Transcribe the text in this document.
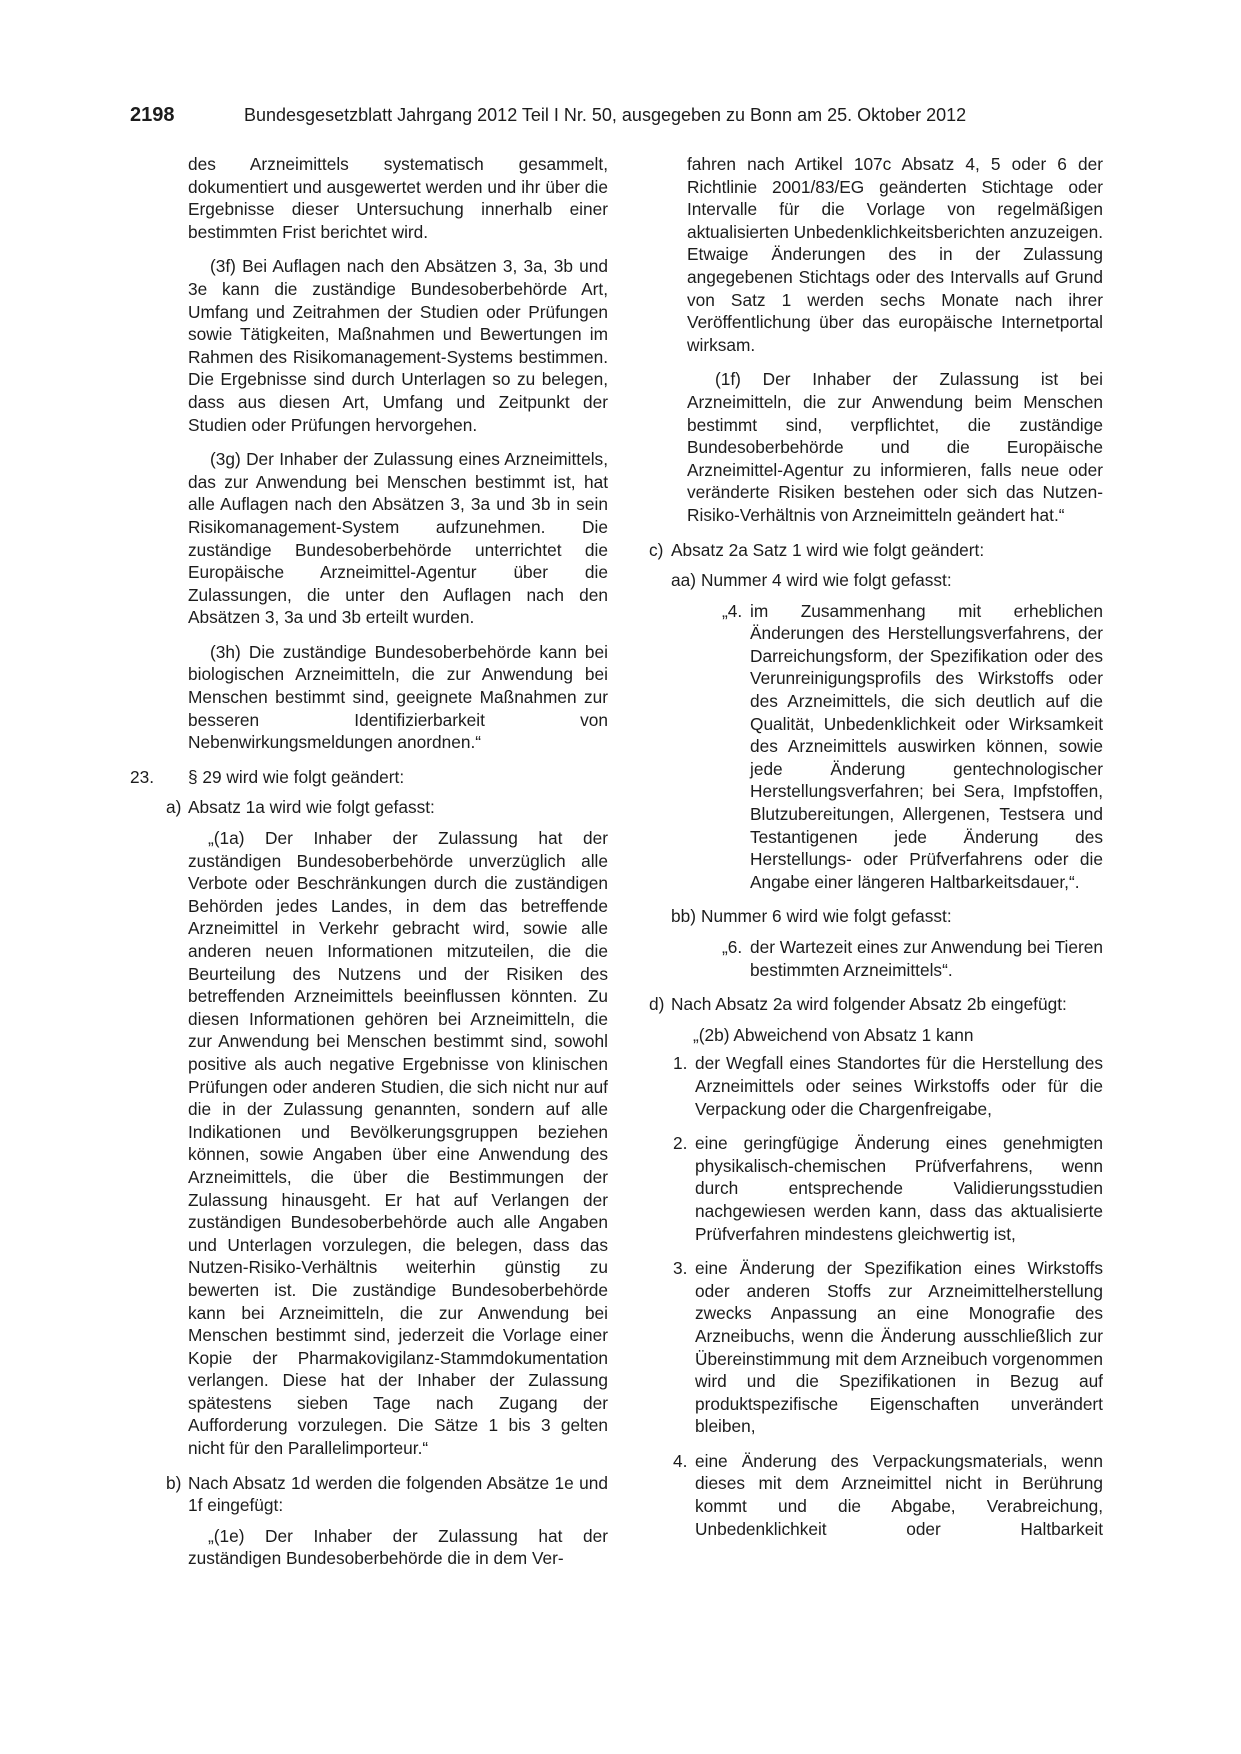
2198	Bundesgesetzblatt Jahrgang 2012 Teil I Nr. 50, ausgegeben zu Bonn am 25. Oktober 2012

des Arzneimittels systematisch gesammelt, dokumentiert und ausgewertet werden und ihr über die Ergebnisse dieser Untersuchung innerhalb einer bestimmten Frist berichtet wird.

(3f) Bei Auflagen nach den Absätzen 3, 3a, 3b und 3e kann die zuständige Bundesoberbehörde Art, Umfang und Zeitrahmen der Studien oder Prüfungen sowie Tätigkeiten, Maßnahmen und Bewertungen im Rahmen des Risikomanagement-Systems bestimmen. Die Ergebnisse sind durch Unterlagen so zu belegen, dass aus diesen Art, Umfang und Zeitpunkt der Studien oder Prüfungen hervorgehen.

(3g) Der Inhaber der Zulassung eines Arzneimittels, das zur Anwendung bei Menschen bestimmt ist, hat alle Auflagen nach den Absätzen 3, 3a und 3b in sein Risikomanagement-System aufzunehmen. Die zuständige Bundesoberbehörde unterrichtet die Europäische Arzneimittel-Agentur über die Zulassungen, die unter den Auflagen nach den Absätzen 3, 3a und 3b erteilt wurden.

(3h) Die zuständige Bundesoberbehörde kann bei biologischen Arzneimitteln, die zur Anwendung bei Menschen bestimmt sind, geeignete Maßnahmen zur besseren Identifizierbarkeit von Nebenwirkungsmeldungen anordnen.“

23. § 29 wird wie folgt geändert:
a) Absatz 1a wird wie folgt gefasst:

„(1a) Der Inhaber der Zulassung hat der zuständigen Bundesoberbehörde unverzüglich alle Verbote oder Beschränkungen durch die zuständigen Behörden jedes Landes, in dem das betreffende Arzneimittel in Verkehr gebracht wird, sowie alle anderen neuen Informationen mitzuteilen, die die Beurteilung des Nutzens und der Risiken des betreffenden Arzneimittels beeinflussen könnten. Zu diesen Informationen gehören bei Arzneimitteln, die zur Anwendung bei Menschen bestimmt sind, sowohl positive als auch negative Ergebnisse von klinischen Prüfungen oder anderen Studien, die sich nicht nur auf die in der Zulassung genannten, sondern auf alle Indikationen und Bevölkerungsgruppen beziehen können, sowie Angaben über eine Anwendung des Arzneimittels, die über die Bestimmungen der Zulassung hinausgeht. Er hat auf Verlangen der zuständigen Bundesoberbehörde auch alle Angaben und Unterlagen vorzulegen, die belegen, dass das Nutzen-Risiko-Verhältnis weiterhin günstig zu bewerten ist. Die zuständige Bundesoberbehörde kann bei Arzneimitteln, die zur Anwendung bei Menschen bestimmt sind, jederzeit die Vorlage einer Kopie der Pharmakovigilanz-Stammdokumentation verlangen. Diese hat der Inhaber der Zulassung spätestens sieben Tage nach Zugang der Aufforderung vorzulegen. Die Sätze 1 bis 3 gelten nicht für den Parallelimporteur.“

b) Nach Absatz 1d werden die folgenden Absätze 1e und 1f eingefügt:

„(1e) Der Inhaber der Zulassung hat der zuständigen Bundesoberbehörde die in dem Ver-

fahren nach Artikel 107c Absatz 4, 5 oder 6 der Richtlinie 2001/83/EG geänderten Stichtage oder Intervalle für die Vorlage von regelmäßigen aktualisierten Unbedenklichkeitsberichten anzuzeigen. Etwaige Änderungen des in der Zulassung angegebenen Stichtags oder des Intervalls auf Grund von Satz 1 werden sechs Monate nach ihrer Veröffentlichung über das europäische Internetportal wirksam.

(1f) Der Inhaber der Zulassung ist bei Arzneimitteln, die zur Anwendung beim Menschen bestimmt sind, verpflichtet, die zuständige Bundesoberbehörde und die Europäische Arzneimittel-Agentur zu informieren, falls neue oder veränderte Risiken bestehen oder sich das Nutzen-Risiko-Verhältnis von Arzneimitteln geändert hat.“

c) Absatz 2a Satz 1 wird wie folgt geändert:
aa) Nummer 4 wird wie folgt gefasst:
„4. im Zusammenhang mit erheblichen Änderungen des Herstellungsverfahrens, der Darreichungsform, der Spezifikation oder des Verunreinigungsprofils des Wirkstoffs oder des Arzneimittels, die sich deutlich auf die Qualität, Unbedenklichkeit oder Wirksamkeit des Arzneimittels auswirken können, sowie jede Änderung gentechnologischer Herstellungsverfahren; bei Sera, Impfstoffen, Blutzubereitungen, Allergenen, Testsera und Testantigenen jede Änderung des Herstellungs- oder Prüfverfahrens oder die Angabe einer längeren Haltbarkeitsdauer,“.
bb) Nummer 6 wird wie folgt gefasst:
„6. der Wartezeit eines zur Anwendung bei Tieren bestimmten Arzneimittels“.
d) Nach Absatz 2a wird folgender Absatz 2b eingefügt:

„(2b) Abweichend von Absatz 1 kann

1. der Wegfall eines Standortes für die Herstellung des Arzneimittels oder seines Wirkstoffs oder für die Verpackung oder die Chargenfreigabe,
2. eine geringfügige Änderung eines genehmigten physikalisch-chemischen Prüfverfahrens, wenn durch entsprechende Validierungsstudien nachgewiesen werden kann, dass das aktualisierte Prüfverfahren mindestens gleichwertig ist,
3. eine Änderung der Spezifikation eines Wirkstoffs oder anderen Stoffs zur Arzneimittelherstellung zwecks Anpassung an eine Monografie des Arzneibuchs, wenn die Änderung ausschließlich zur Übereinstimmung mit dem Arzneibuch vorgenommen wird und die Spezifikationen in Bezug auf produktspezifische Eigenschaften unverändert bleiben,
4. eine Änderung des Verpackungsmaterials, wenn dieses mit dem Arzneimittel nicht in Berührung kommt und die Abgabe, Verabreichung, Unbedenklichkeit oder Haltbarkeit
